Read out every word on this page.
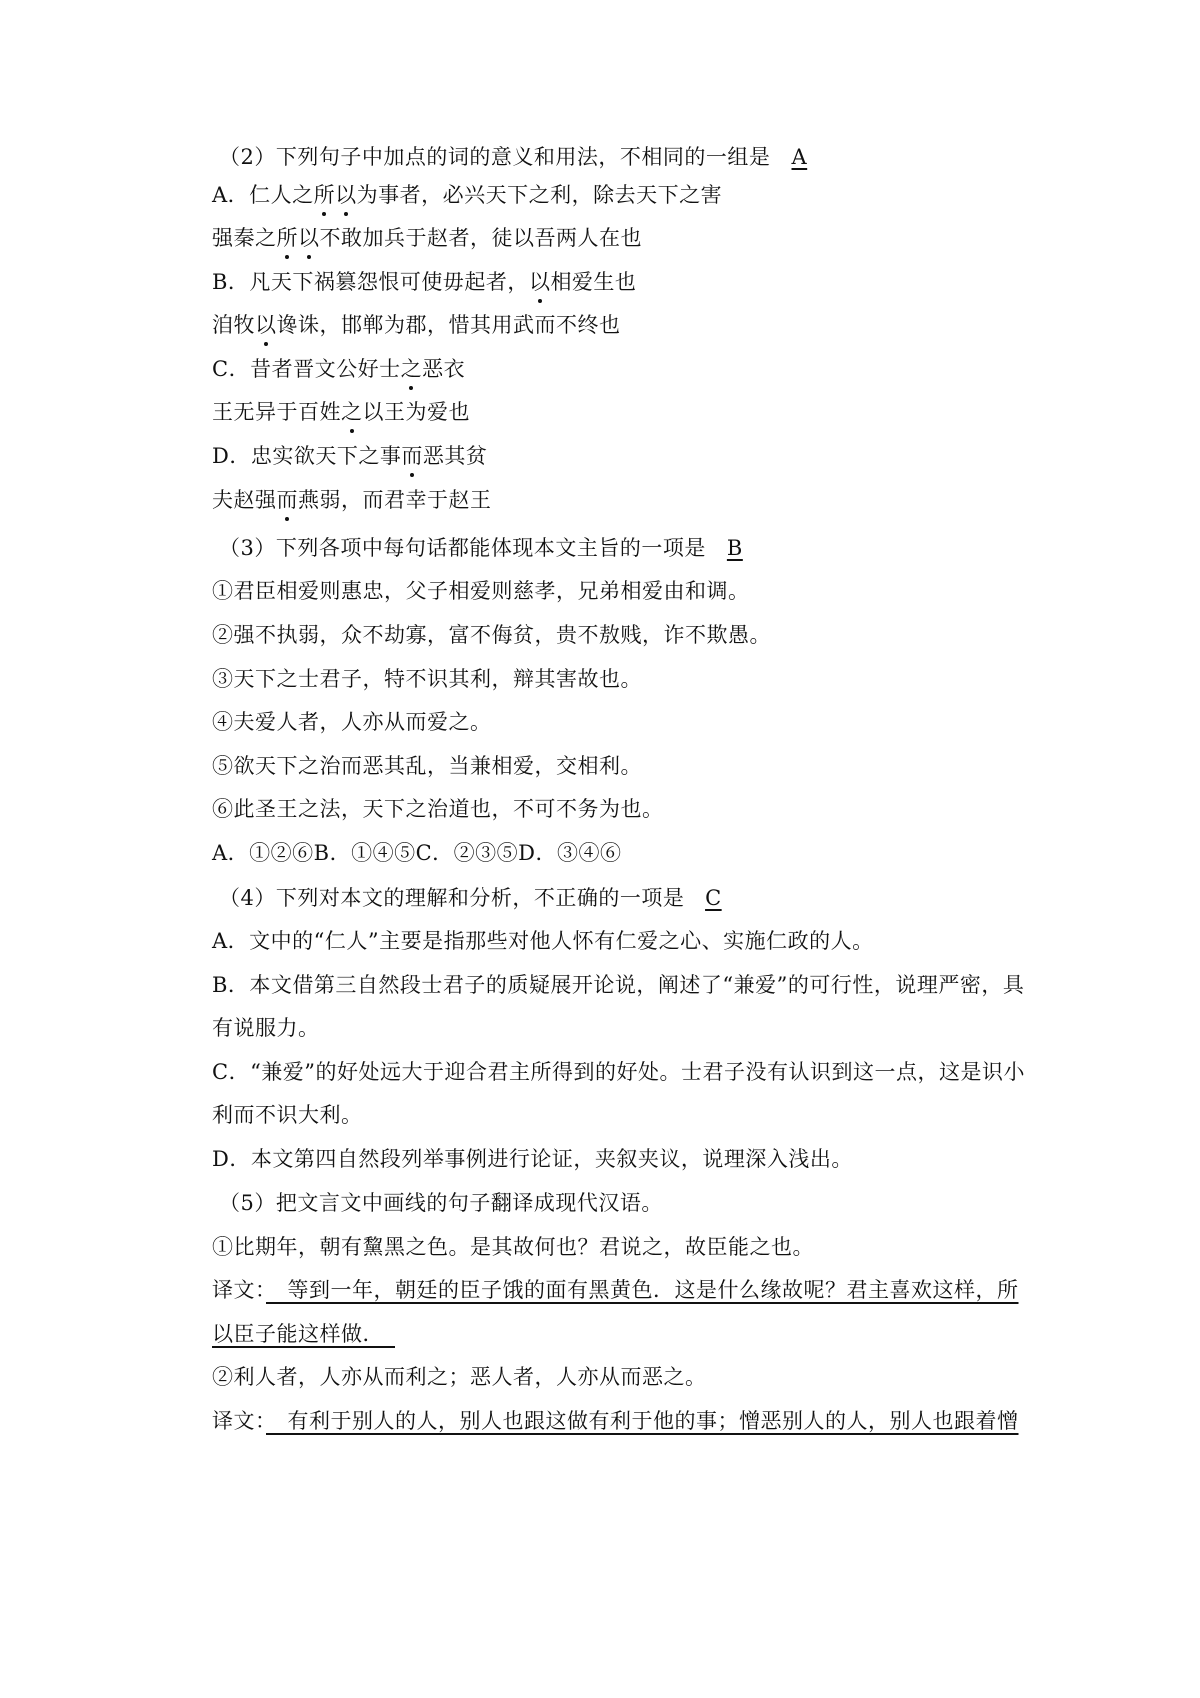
（2）下列句子中加点的词的意义和用法，不相同的一组是 A
A．仁人之所以为事者，必兴天下之利，除去天下之害
强秦之所以不敢加兵于赵者，徒以吾两人在也
B．凡天下祸篡怨恨可使毋起者，以相爱生也
洎牧以谗诛，邯郸为郡，惜其用武而不终也
C．昔者晋文公好士之恶衣
王无异于百姓之以王为爱也
D．忠实欲天下之事而恶其贫
夫赵强而燕弱，而君幸于赵王
（3）下列各项中每句话都能体现本文主旨的一项是 B
①君臣相爱则惠忠，父子相爱则慈孝，兄弟相爱由和调。
②强不执弱，众不劫寡，富不侮贫，贵不敖贱，诈不欺愚。
③天下之士君子，特不识其利，辩其害故也。
④夫爱人者，人亦从而爱之。
⑤欲天下之治而恶其乱，当兼相爱，交相利。
⑥此圣王之法，天下之治道也，不可不务为也。
A．①②⑥B．①④⑤C．②③⑤D．③④⑥
（4）下列对本文的理解和分析，不正确的一项是 C
A．文中的“仁人”主要是指那些对他人怀有仁爱之心、实施仁政的人。
B．本文借第三自然段士君子的质疑展开论说，阐述了“兼爱”的可行性，说理严密，具
有说服力。
C．“兼爱”的好处远大于迎合君主所得到的好处。士君子没有认识到这一点，这是识小
利而不识大利。
D．本文第四自然段列举事例进行论证，夹叙夹议，说理深入浅出。
（5）把文言文中画线的句子翻译成现代汉语。
①比期年，朝有黧黑之色。是其故何也？君说之，故臣能之也。
译文：　等到一年，朝廷的臣子饿的面有黑黄色．这是什么缘故呢？君主喜欢这样，所
以臣子能这样做．　
②利人者，人亦从而利之；恶人者，人亦从而恶之。
译文：　有利于别人的人，别人也跟这做有利于他的事；憎恶别人的人，别人也跟着憎
